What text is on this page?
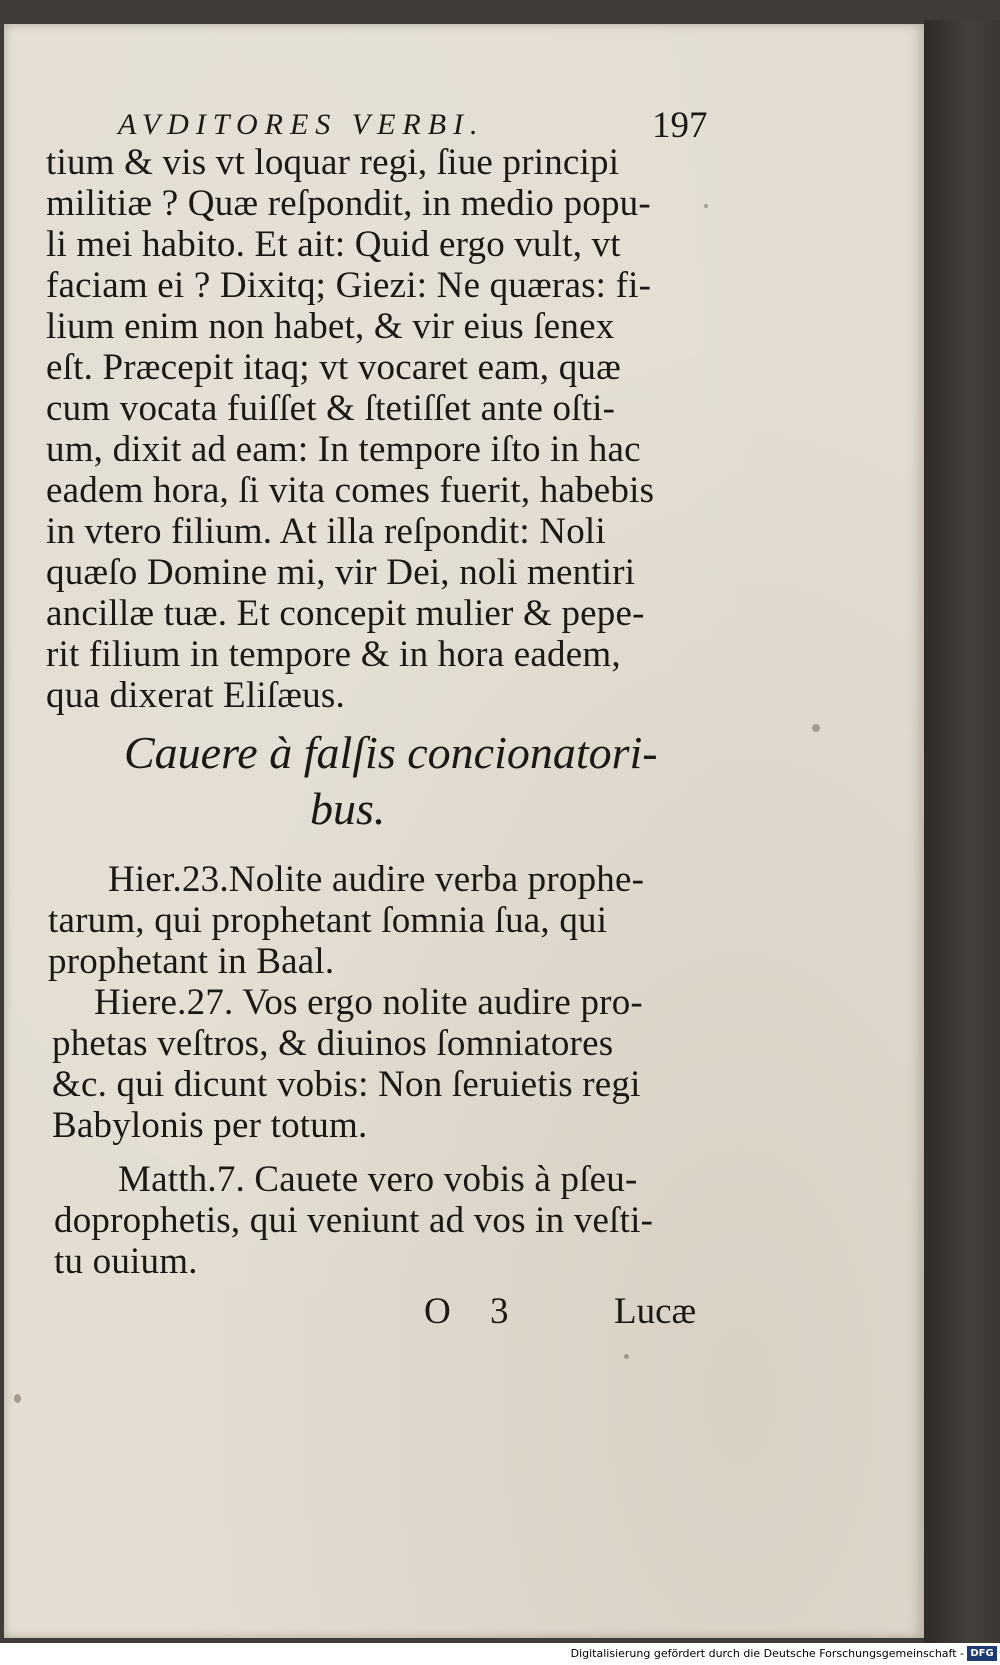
AVDITORES VERBI.	197
tium & vis vt loquar regi, ſiue principi
militiæ ? Quæ reſpondit, in medio popu-
li mei habito. Et ait: Quid ergo vult, vt
faciam ei ? Dixitq; Giezi: Ne quæras: fi-
lium enim non habet, & vir eius ſenex
eſt. Præcepit itaq; vt vocaret eam, quæ
cum vocata fuiſſet & ſtetiſſet ante oſti-
um, dixit ad eam: In tempore iſto in hac
eadem hora, ſi vita comes fuerit, habebis
in vtero filium. At illa reſpondit: Noli
quæſo Domine mi, vir Dei, noli mentiri
ancillæ tuæ. Et concepit mulier & pepe-
rit filium in tempore & in hora eadem,
qua dixerat Eliſæus.
Cauere à falſis concionatori-
bus.
Hier.23.Nolite audire verba prophe-
tarum, qui prophetant ſomnia ſua, qui
prophetant in Baal.
Hiere.27. Vos ergo nolite audire pro-
phetas veſtros, & diuinos ſomniatores
&c. qui dicunt vobis: Non ſeruietis regi
Babylonis per totum.
Matth.7. Cauete vero vobis à pſeu-
doprophetis, qui veniunt ad vos in veſti-
tu ouium.
O 3	Lucæ
Digitalisierung gefördert durch die Deutsche Forschungsgemeinschaft - DFG
